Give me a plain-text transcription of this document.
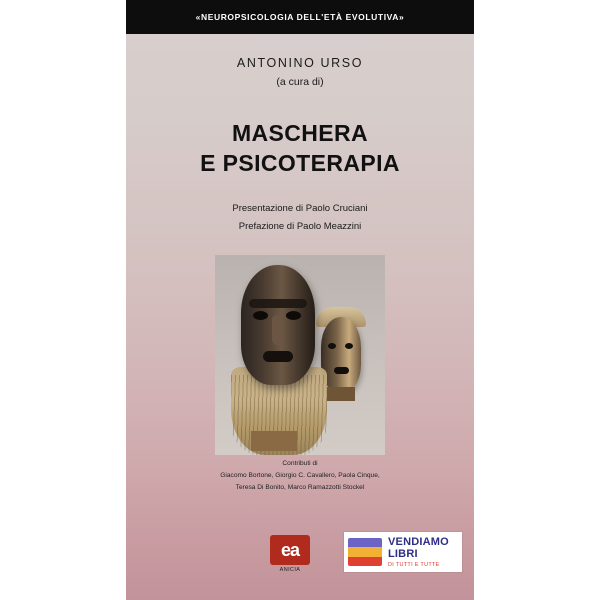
«NEUROPSICOLOGIA DELL'ETÀ EVOLUTIVA»
ANTONINO URSO
(a cura di)
MASCHERA
E PSICOTERAPIA
Presentazione di Paolo Cruciani
Prefazione di Paolo Meazzini
Contributi di
Giacomo Bortone, Giorgio C. Cavallero, Paola Cinque,
Teresa Di Bonito, Marco Ramazzotti Stockel
ea
ANICIA
VENDIAMO
LIBRI
DI TUTTI E TUTTE
